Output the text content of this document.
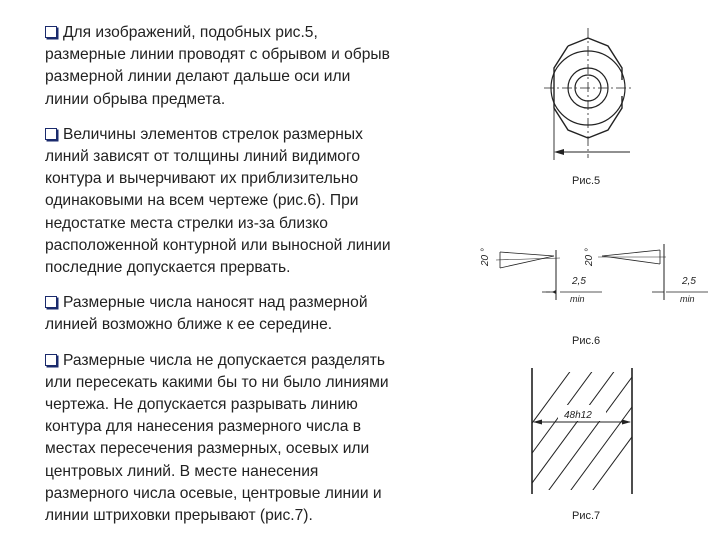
Для изображений, подобных рис.5,
размерные линии проводят с обрывом и обрыв
размерной линии делают дальше оси или
линии обрыва предмета.
Величины элементов стрелок размерных
линий зависят от толщины линий видимого
контура и вычерчивают их приблизительно
одинаковыми на всем чертеже (рис.6). При
недостатке места стрелки из-за близко
расположенной контурной или выносной линии
последние допускается прервать.
Размерные числа наносят над размерной
линией возможно ближе к ее середине.
Размерные числа не допускается разделять
или пересекать какими бы то ни было линиями
чертежа. Не допускается разрывать линию
контура для нанесения размерного числа в
местах пересечения размерных, осевых или
центровых линий. В месте нанесения
размерного числа осевые, центровые линии и
линии штриховки прерывают (рис.7).
Рис.5
20 °	20 °
2,5
min
2,5
min
Рис.6
48h12
Рис.7
